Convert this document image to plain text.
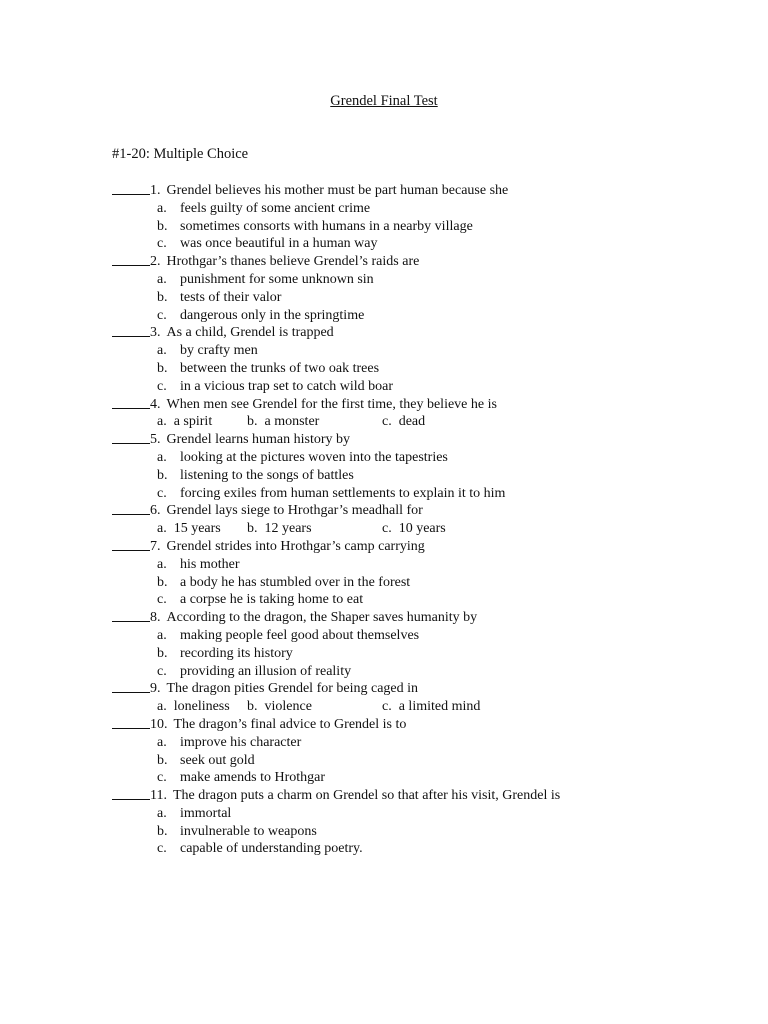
Grendel Final Test
#1-20: Multiple Choice
1. Grendel believes his mother must be part human because she
a. feels guilty of some ancient crime
b. sometimes consorts with humans in a nearby village
c. was once beautiful in a human way
2. Hrothgar’s thanes believe Grendel’s raids are
a. punishment for some unknown sin
b. tests of their valor
c. dangerous only in the springtime
3. As a child, Grendel is trapped
a. by crafty men
b. between the trunks of two oak trees
c. in a vicious trap set to catch wild boar
4. When men see Grendel for the first time, they believe he is
a.  a spirit b.  a monster	c.  dead
5. Grendel learns human history by
a. looking at the pictures woven into the tapestries
b. listening to the songs of battles
c. forcing exiles from human settlements to explain it to him
6. Grendel lays siege to Hrothgar’s meadhall for
a.  15 years b.  12 years	c.  10 years
7. Grendel strides into Hrothgar’s camp carrying
a. his mother
b. a body he has stumbled over in the forest
c. a corpse he is taking home to eat
8. According to the dragon, the Shaper saves humanity by
a. making people feel good about themselves
b. recording its history
c. providing an illusion of reality
9. The dragon pities Grendel for being caged in
a.  loneliness b.  violence	c.  a limited mind
10. The dragon’s final advice to Grendel is to
a. improve his character
b. seek out gold
c. make amends to Hrothgar
11. The dragon puts a charm on Grendel so that after his visit, Grendel is
a. immortal
b. invulnerable to weapons
c. capable of understanding poetry.
